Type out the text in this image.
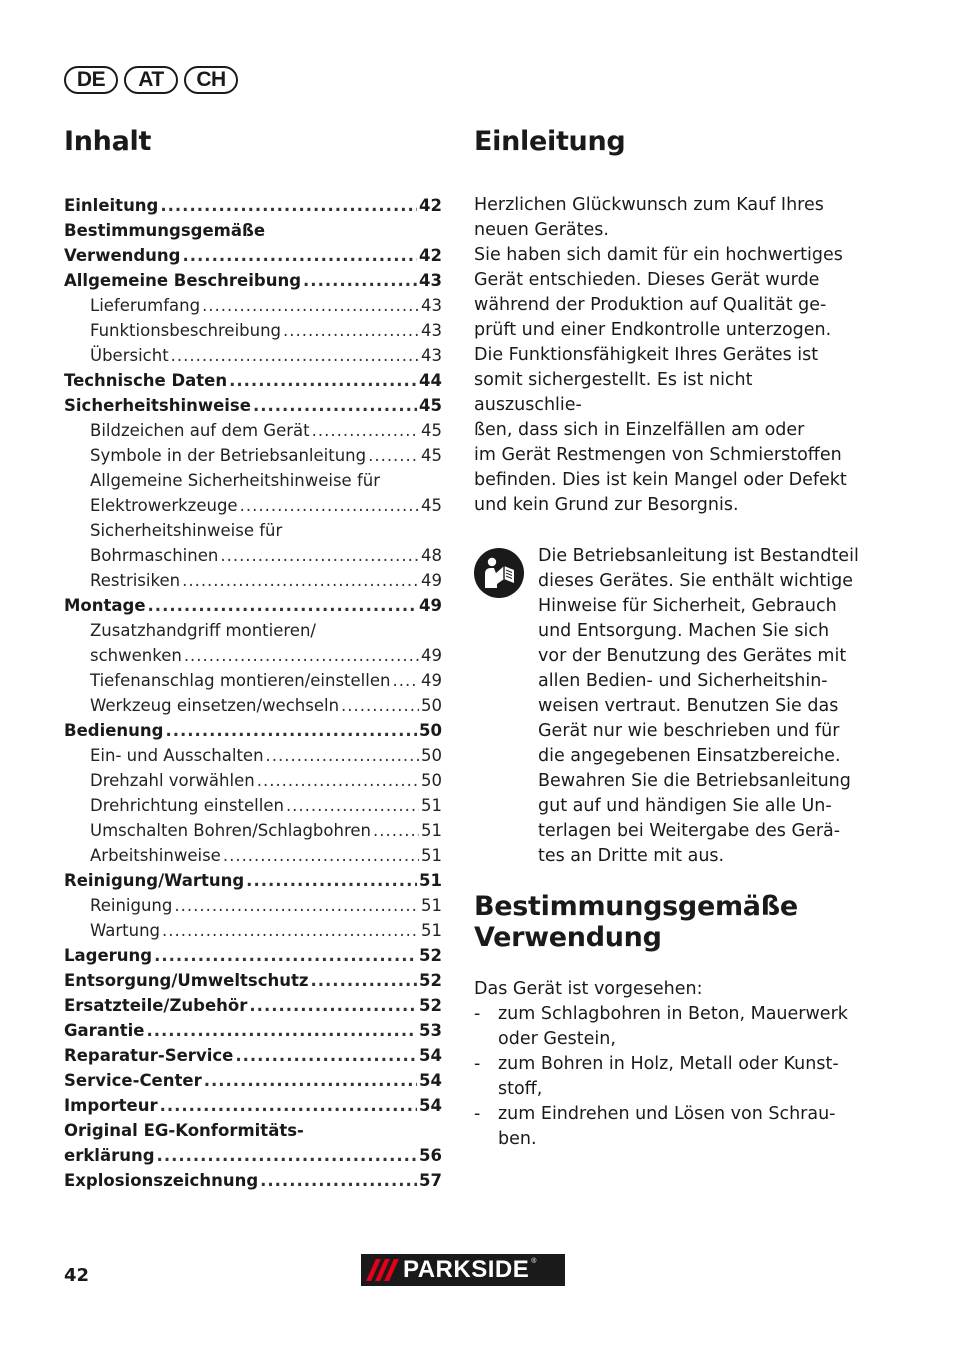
DE	AT	CH
Inhalt
Einleitung .....	42
Bestimmungsgemäße
Verwendung .....	42
Allgemeine Beschreibung .....	43
Lieferumfang .....	43
Funktionsbeschreibung .....	43
Übersicht .....	43
Technische Daten .....	44
Sicherheitshinweise .....	45
Bildzeichen auf dem Gerät .....	45
Symbole in der Betriebsanleitung .....	45
Allgemeine Sicherheitshinweise für
Elektrowerkzeuge .....	45
Sicherheitshinweise für
Bohrmaschinen .....	48
Restrisiken .....	49
Montage .....	49
Zusatzhandgriff montieren/
schwenken .....	49
Tiefenanschlag montieren/einstellen ..... 49
Werkzeug einsetzen/wechseln .....	50
Bedienung .....	50
Ein- und Ausschalten .....	50
Drehzahl vorwählen .....	50
Drehrichtung einstellen .....	51
Umschalten Bohren/Schlagbohren .....	51
Arbeitshinweise .....	51
Reinigung/Wartung .....	51
Reinigung .....	51
Wartung .....	51
Lagerung .....	52
Entsorgung/Umweltschutz .....	52
Ersatzteile/Zubehör .....	52
Garantie .....	53
Reparatur-Service .....	54
Service-Center .....	54
Importeur .....	54
Original EG-Konformitäts-
erklärung .....	56
Explosionszeichnung .....	57
Einleitung
Herzlichen Glückwunsch zum Kauf Ihres
neuen Gerätes.
Sie haben sich damit für ein hochwertiges
Gerät entschieden. Dieses Gerät wurde
während der Produktion auf Qualität ge-
prüft und einer Endkontrolle unterzogen.
Die Funktionsfähigkeit Ihres Gerätes ist
somit sichergestellt. Es ist nicht auszuschlie-
ßen, dass sich in Einzelfällen am oder
im Gerät Restmengen von Schmierstoffen
befinden. Dies ist kein Mangel oder Defekt
und kein Grund zur Besorgnis.
Die Betriebsanleitung ist Bestandteil
dieses Gerätes. Sie enthält wichtige
Hinweise für Sicherheit, Gebrauch
und Entsorgung. Machen Sie sich
vor der Benutzung des Gerätes mit
allen Bedien- und Sicherheitshin-
weisen vertraut. Benutzen Sie das
Gerät nur wie beschrieben und für
die angegebenen Einsatzbereiche.
Bewahren Sie die Betriebsanleitung
gut auf und händigen Sie alle Un-
terlagen bei Weitergabe des Gerä-
tes an Dritte mit aus.
Bestimmungsgemäße
Verwendung

Das Gerät ist vorgesehen:

- zum Schlagbohren in Beton, Mauerwerk
oder Gestein,
- zum Bohren in Holz, Metall oder Kunst-
stoff,
- zum Eindrehen und Lösen von Schrau-
ben.
42	PARKSIDE ®
